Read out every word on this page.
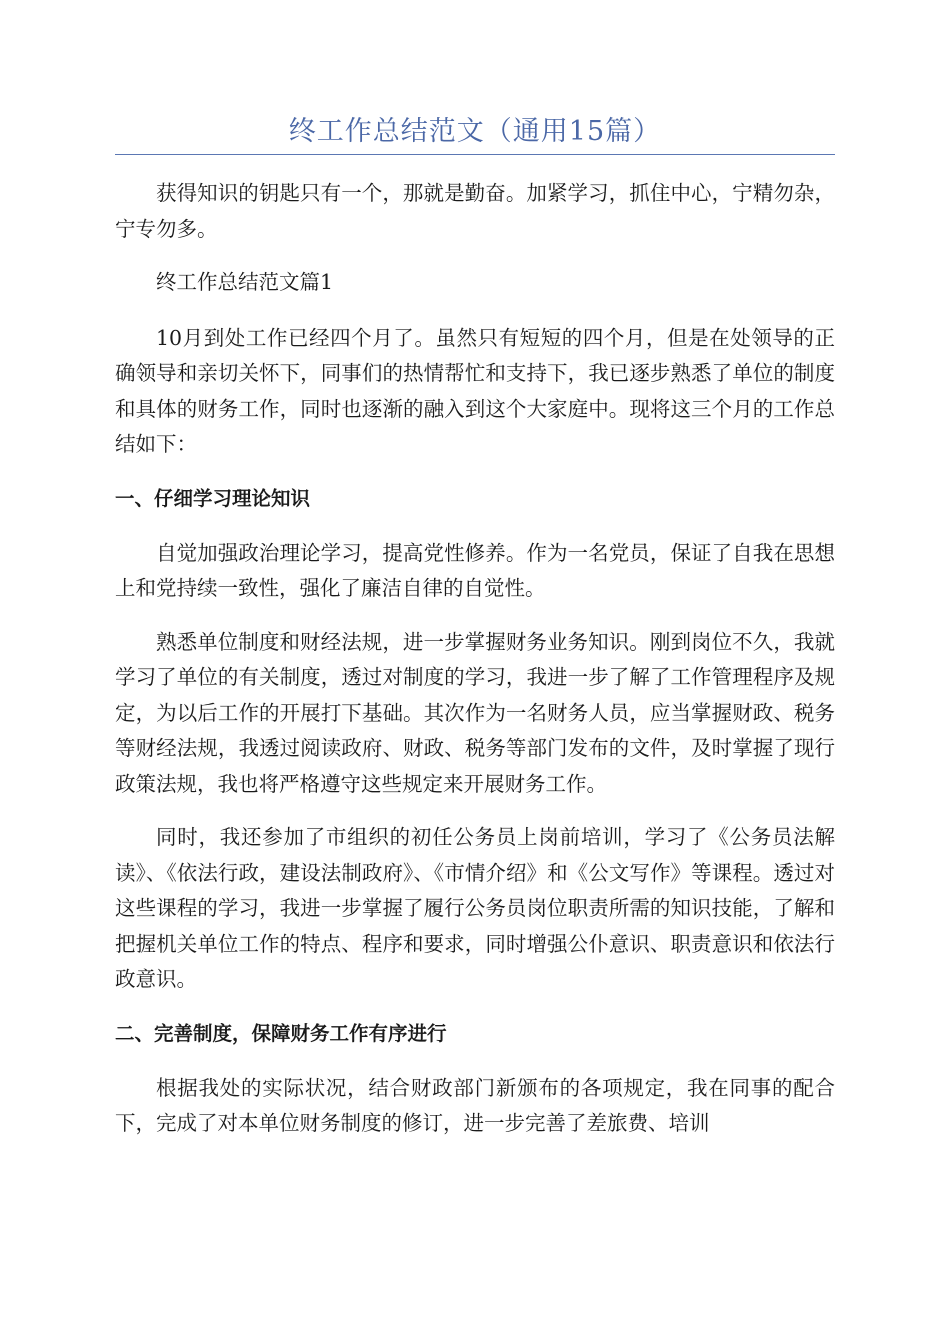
终工作总结范文（通用15篇）

获得知识的钥匙只有一个，那就是勤奋。加紧学习，抓住中心，宁精勿杂，宁专勿多。

终工作总结范文篇1

10月到处工作已经四个月了。虽然只有短短的四个月，但是在处领导的正确领导和亲切关怀下，同事们的热情帮忙和支持下，我已逐步熟悉了单位的制度和具体的财务工作，同时也逐渐的融入到这个大家庭中。现将这三个月的工作总结如下：

一、仔细学习理论知识

自觉加强政治理论学习，提高党性修养。作为一名党员，保证了自我在思想上和党持续一致性，强化了廉洁自律的自觉性。

熟悉单位制度和财经法规，进一步掌握财务业务知识。刚到岗位不久，我就学习了单位的有关制度，透过对制度的学习，我进一步了解了工作管理程序及规定，为以后工作的开展打下基础。其次作为一名财务人员，应当掌握财政、税务等财经法规，我透过阅读政府、财政、税务等部门发布的文件，及时掌握了现行政策法规，我也将严格遵守这些规定来开展财务工作。

同时，我还参加了市组织的初任公务员上岗前培训，学习了《公务员法解读》、《依法行政，建设法制政府》、《市情介绍》和《公文写作》等课程。透过对这些课程的学习，我进一步掌握了履行公务员岗位职责所需的知识技能，了解和把握机关单位工作的特点、程序和要求，同时增强公仆意识、职责意识和依法行政意识。

二、完善制度，保障财务工作有序进行

根据我处的实际状况，结合财政部门新颁布的各项规定，我在同事的配合下，完成了对本单位财务制度的修订，进一步完善了差旅费、培训
